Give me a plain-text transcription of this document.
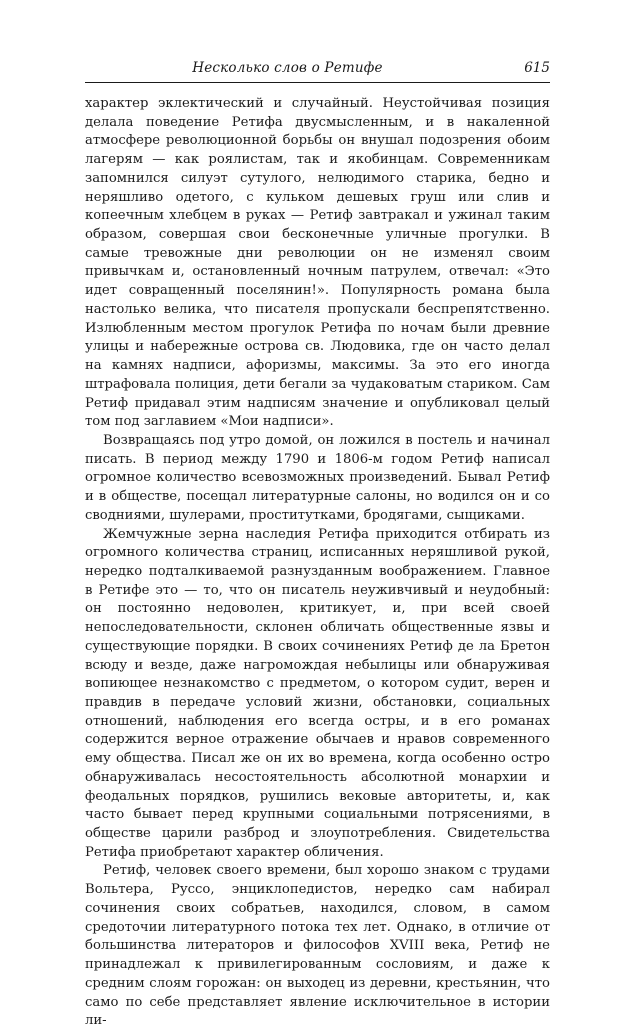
Несколько слов о Ретифе	615

характер эклектический и случайный. Неустойчивая позиция делала поведение Ретифа двусмысленным, и в накаленной атмосфере революционной борьбы он внушал подозрения обоим лагерям — как роялистам, так и якобинцам. Современникам запомнился силуэт сутулого, нелюдимого старика, бедно и неряшливо одетого, с кульком дешевых груш или слив и копеечным хлебцем в руках — Ретиф завтракал и ужинал таким образом, совершая свои бесконечные уличные прогулки. В самые тревожные дни революции он не изменял своим привычкам и, остановленный ночным патрулем, отвечал: «Это идет совращенный поселянин!». Популярность романа была настолько велика, что писателя пропускали беспрепятственно. Излюбленным местом прогулок Ретифа по ночам были древние улицы и набережные острова св. Людовика, где он часто делал на камнях надписи, афоризмы, максимы. За это его иногда штрафовала полиция, дети бегали за чудаковатым стариком. Сам Ретиф придавал этим надписям значение и опубликовал целый том под заглавием «Мои надписи».

Возвращаясь под утро домой, он ложился в постель и начинал писать. В период между 1790 и 1806-м годом Ретиф написал огромное количество всевозможных произведений. Бывал Ретиф и в обществе, посещал литературные салоны, но водился он и со сводниями, шулерами, проститутками, бродягами, сыщиками.

Жемчужные зерна наследия Ретифа приходится отбирать из огромного количества страниц, исписанных неряшливой рукой, нередко подталкиваемой разнузданным воображением. Главное в Ретифе это — то, что он писатель неуживчивый и неудобный: он постоянно недоволен, критикует, и, при всей своей непоследовательности, склонен обличать общественные язвы и существующие порядки. В своих сочинениях Ретиф де ла Бретон всюду и везде, даже нагромождая небылицы или обнаруживая вопиющее незнакомство с предметом, о котором судит, верен и правдив в передаче условий жизни, обстановки, социальных отношений, наблюдения его всегда остры, и в его романах содержится верное отражение обычаев и нравов современного ему общества. Писал же он их во времена, когда особенно остро обнаруживалась несостоятельность абсолютной монархии и феодальных порядков, рушились вековые авторитеты, и, как часто бывает перед крупными социальными потрясениями, в обществе царили разброд и злоупотребления. Свидетельства Ретифа приобретают характер обличения.

Ретиф, человек своего времени, был хорошо знаком с трудами Вольтера, Руссо, энциклопедистов, нередко сам набирал сочинения своих собратьев, находился, словом, в самом средоточии литературного потока тех лет. Однако, в отличие от большинства литераторов и философов XVIII века, Ретиф не принадлежал к привилегированным сословиям, и даже к средним слоям горожан: он выходец из деревни, крестьянин, что само по себе представляет явление исключительное в истории ли-
